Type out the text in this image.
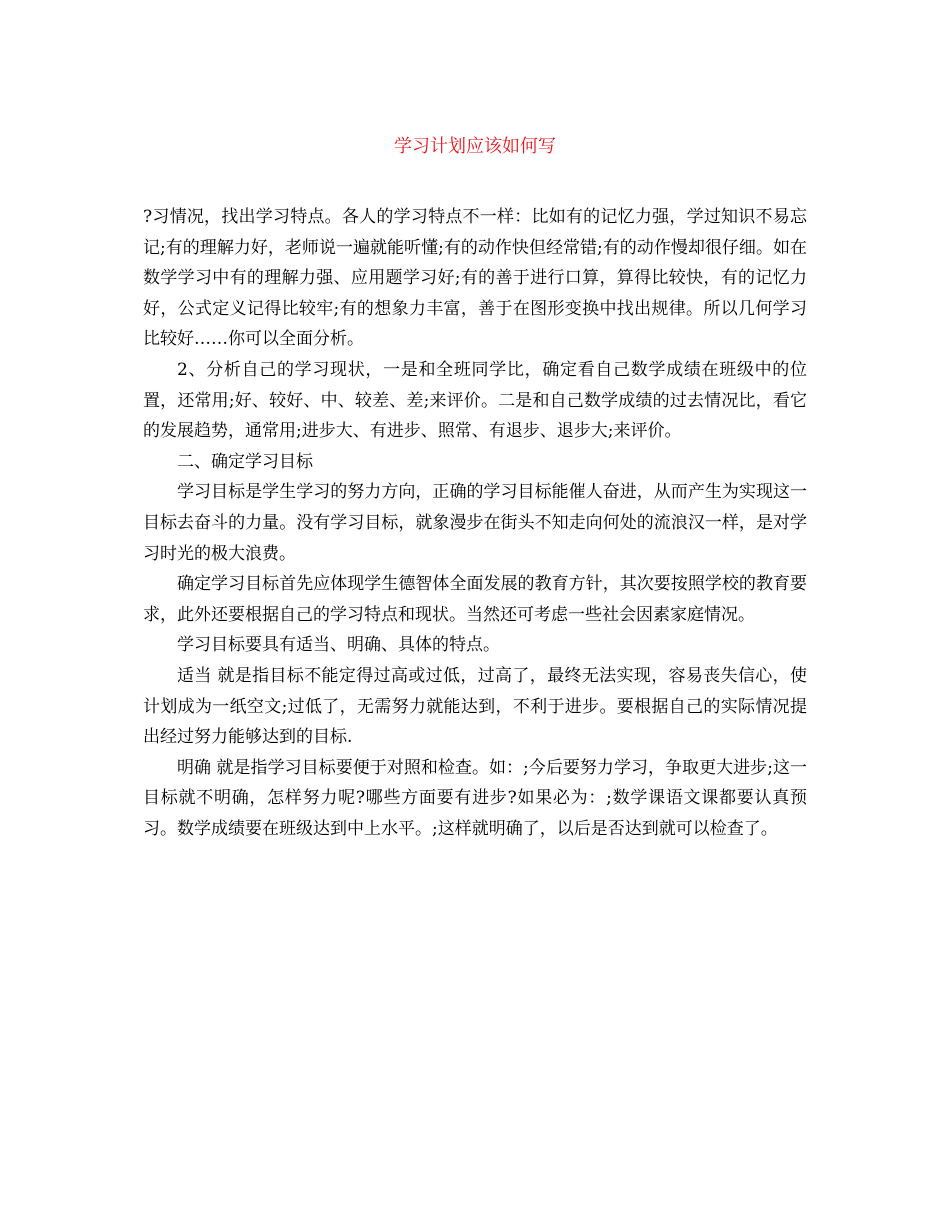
学习计划应该如何写

?习情况，找出学习特点。各人的学习特点不一样：比如有的记忆力强，学过知识不易忘记;有的理解力好，老师说一遍就能听懂;有的动作快但经常错;有的动作慢却很仔细。如在数学学习中有的理解力强、应用题学习好;有的善于进行口算，算得比较快，有的记忆力好，公式定义记得比较牢;有的想象力丰富，善于在图形变换中找出规律。所以几何学习比较好……你可以全面分析。

2、分析自己的学习现状，一是和全班同学比，确定看自己数学成绩在班级中的位置，还常用;好、较好、中、较差、差;来评价。二是和自己数学成绩的过去情况比，看它的发展趋势，通常用;进步大、有进步、照常、有退步、退步大;来评价。

二、确定学习目标

学习目标是学生学习的努力方向，正确的学习目标能催人奋进，从而产生为实现这一目标去奋斗的力量。没有学习目标，就象漫步在街头不知走向何处的流浪汉一样，是对学习时光的极大浪费。

确定学习目标首先应体现学生德智体全面发展的教育方针，其次要按照学校的教育要求，此外还要根据自己的学习特点和现状。当然还可考虑一些社会因素家庭情况。

学习目标要具有适当、明确、具体的特点。

适当 就是指目标不能定得过高或过低，过高了，最终无法实现，容易丧失信心，使计划成为一纸空文;过低了，无需努力就能达到，不利于进步。要根据自己的实际情况提出经过努力能够达到的目标.

明确 就是指学习目标要便于对照和检查。如：;今后要努力学习，争取更大进步;这一目标就不明确，怎样努力呢?哪些方面要有进步?如果必为：;数学课语文课都要认真预习。数学成绩要在班级达到中上水平。;这样就明确了，以后是否达到就可以检查了。
